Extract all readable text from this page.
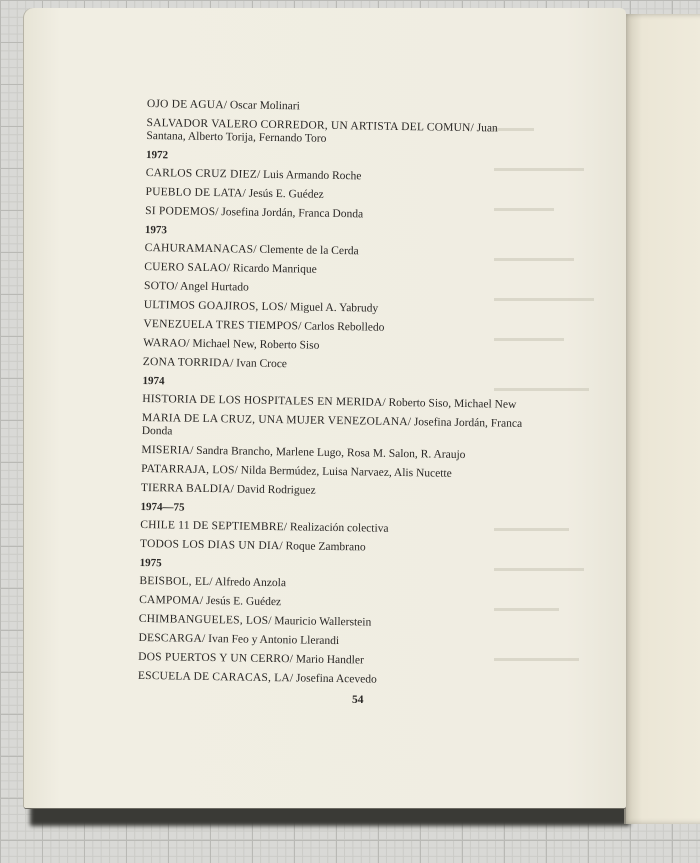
OJO DE AGUA/ Oscar Molinari
SALVADOR VALERO CORREDOR, UN ARTISTA DEL COMUN/ Juan Santana, Alberto Torija, Fernando Toro
1972
CARLOS CRUZ DIEZ/ Luis Armando Roche
PUEBLO DE LATA/ Jesús E. Guédez
SI PODEMOS/ Josefina Jordán, Franca Donda
1973
CAHURAMANACAS/ Clemente de la Cerda
CUERO SALAO/ Ricardo Manrique
SOTO/ Angel Hurtado
ULTIMOS GOAJIROS, LOS/ Miguel A. Yabrudy
VENEZUELA TRES TIEMPOS/ Carlos Rebolledo
WARAO/ Michael New, Roberto Siso
ZONA TORRIDA/ Ivan Croce
1974
HISTORIA DE LOS HOSPITALES EN MERIDA/ Roberto Siso, Michael New
MARIA DE LA CRUZ, UNA MUJER VENEZOLANA/ Josefina Jordán, Franca Donda
MISERIA/ Sandra Brancho, Marlene Lugo, Rosa M. Salon, R. Araujo
PATARRAJA, LOS/ Nilda Bermúdez, Luisa Narvaez, Alis Nucette
TIERRA BALDIA/ David Rodriguez
1974—75
CHILE 11 DE SEPTIEMBRE/ Realización colectiva
TODOS LOS DIAS UN DIA/ Roque Zambrano
1975
BEISBOL, EL/ Alfredo Anzola
CAMPOMA/ Jesús E. Guédez
CHIMBANGUELES, LOS/ Mauricio Wallerstein
DESCARGA/ Ivan Feo y Antonio Llerandi
DOS PUERTOS Y UN CERRO/ Mario Handler
ESCUELA DE CARACAS, LA/ Josefina Acevedo
54
